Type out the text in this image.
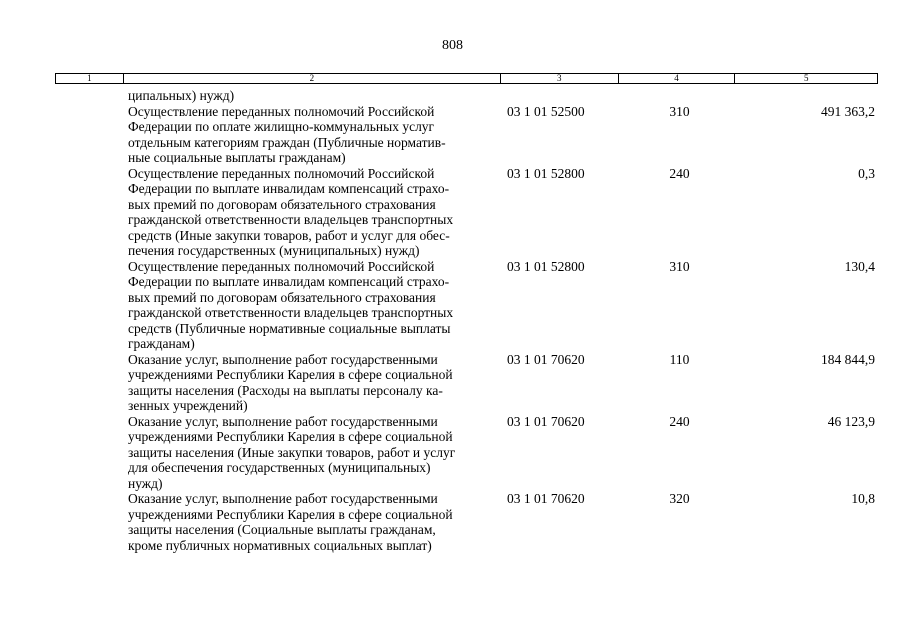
808
1	2	3	4	5
ципальных) нужд)
Осуществление переданных полномочий Российской
Федерации по оплате жилищно-коммунальных услуг
отдельным категориям граждан (Публичные норматив-
ные социальные выплаты гражданам)
03 1 01 52500	310	491 363,2
Осуществление переданных полномочий Российской
Федерации по выплате инвалидам компенсаций страхо-
вых премий по договорам обязательного страхования
гражданской ответственности владельцев транспортных
средств (Иные закупки товаров, работ и услуг для обес-
печения государственных (муниципальных) нужд)
03 1 01 52800	240	0,3
Осуществление переданных полномочий Российской
Федерации по выплате инвалидам компенсаций страхо-
вых премий по договорам обязательного страхования
гражданской ответственности владельцев транспортных
средств (Публичные нормативные социальные выплаты
гражданам)
03 1 01 52800	310	130,4
Оказание услуг, выполнение работ государственными
учреждениями Республики Карелия в сфере социальной
защиты населения (Расходы на выплаты персоналу ка-
зенных учреждений)
03 1 01 70620	110	184 844,9
Оказание услуг, выполнение работ государственными
учреждениями Республики Карелия в сфере социальной
защиты населения (Иные закупки товаров, работ и услуг
для обеспечения государственных (муниципальных)
нужд)
03 1 01 70620	240	46 123,9
Оказание услуг, выполнение работ государственными
учреждениями Республики Карелия в сфере социальной
защиты населения (Социальные выплаты гражданам,
кроме публичных нормативных социальных выплат)
03 1 01 70620	320	10,8
